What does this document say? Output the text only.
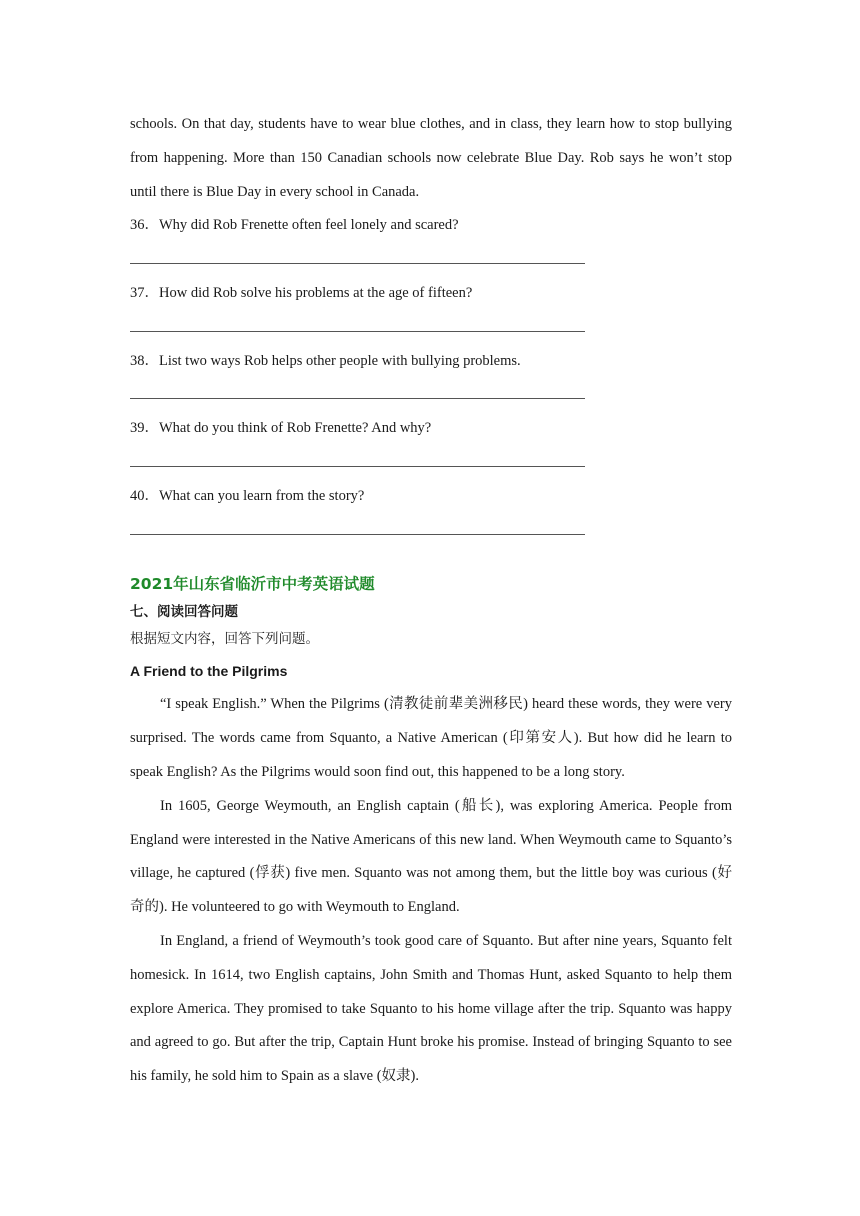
schools. On that day, students have to wear blue clothes, and in class, they learn how to stop bullying from happening. More than 150 Canadian schools now celebrate Blue Day. Rob says he won’t stop until there is Blue Day in every school in Canada.

36．Why did Rob Frenette often feel lonely and scared?

37．How did Rob solve his problems at the age of fifteen?

38．List two ways Rob helps other people with bullying problems.

39．What do you think of Rob Frenette? And why?

40．What can you learn from the story?

2021年山东省临沂市中考英语试题

七、阅读回答问题

根据短文内容，回答下列问题。

A Friend to the Pilgrims

“I speak English.” When the Pilgrims (清教徒前辈美洲移民) heard these words, they were very surprised. The words came from Squanto, a Native American (印第安人). But how did he learn to speak English? As the Pilgrims would soon find out, this happened to be a long story.

In 1605, George Weymouth, an English captain (船长), was exploring America. People from England were interested in the Native Americans of this new land. When Weymouth came to Squanto’s village, he captured (俘获) five men. Squanto was not among them, but the little boy was curious (好奇的). He volunteered to go with Weymouth to England.

In England, a friend of Weymouth’s took good care of Squanto. But after nine years, Squanto felt homesick. In 1614, two English captains, John Smith and Thomas Hunt, asked Squanto to help them explore America. They promised to take Squanto to his home village after the trip. Squanto was happy and agreed to go. But after the trip, Captain Hunt broke his promise. Instead of bringing Squanto to see his family, he sold him to Spain as a slave (奴隶).
